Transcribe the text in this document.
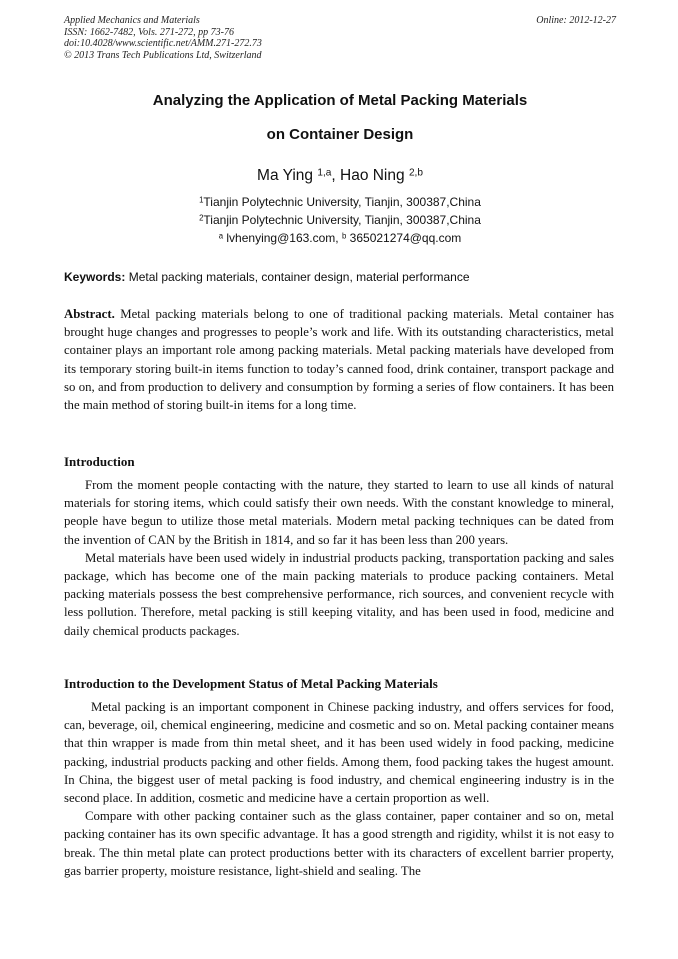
Applied Mechanics and Materials
ISSN: 1662-7482, Vols. 271-272, pp 73-76
doi:10.4028/www.scientific.net/AMM.271-272.73
© 2013 Trans Tech Publications Ltd, Switzerland
Online: 2012-12-27
Analyzing the Application of Metal Packing Materials
on Container Design
Ma Ying $^{1,a}$, Hao Ning $^{2,b}$
$^1$Tianjin Polytechnic University, Tianjin, 300387,China
$^2$Tianjin Polytechnic University, Tianjin, 300387,China
$^a$ lvhenying@163.com, $^b$ 365021274@qq.com
Keywords: Metal packing materials, container design, material performance

Abstract. Metal packing materials belong to one of traditional packing materials. Metal container has brought huge changes and progresses to people’s work and life. With its outstanding characteristics, metal container plays an important role among packing materials. Metal packing materials have developed from its temporary storing built-in items function to today’s canned food, drink container, transport package and so on, and from production to delivery and consumption by forming a series of flow containers. It has been the main method of storing built-in items for a long time.

Introduction

From the moment people contacting with the nature, they started to learn to use all kinds of natural materials for storing items, which could satisfy their own needs. With the constant knowledge to mineral, people have begun to utilize those metal materials. Modern metal packing techniques can be dated from the invention of CAN by the British in 1814, and so far it has been less than 200 years.

Metal materials have been used widely in industrial products packing, transportation packing and sales package, which has become one of the main packing materials to produce packing containers. Metal packing materials possess the best comprehensive performance, rich sources, and convenient recycle with less pollution. Therefore, metal packing is still keeping vitality, and has been used in food, medicine and daily chemical products packages.

Introduction to the Development Status of Metal Packing Materials

Metal packing is an important component in Chinese packing industry, and offers services for food, can, beverage, oil, chemical engineering, medicine and cosmetic and so on. Metal packing container means that thin wrapper is made from thin metal sheet, and it has been used widely in food packing, medicine packing, industrial products packing and other fields. Among them, food packing takes the hugest amount. In China, the biggest user of metal packing is food industry, and chemical engineering industry is in the second place. In addition, cosmetic and medicine have a certain proportion as well.

Compare with other packing container such as the glass container, paper container and so on, metal packing container has its own specific advantage. It has a good strength and rigidity, whilst it is not easy to break. The thin metal plate can protect productions better with its characters of excellent barrier property, gas barrier property, moisture resistance, light-shield and sealing. The
